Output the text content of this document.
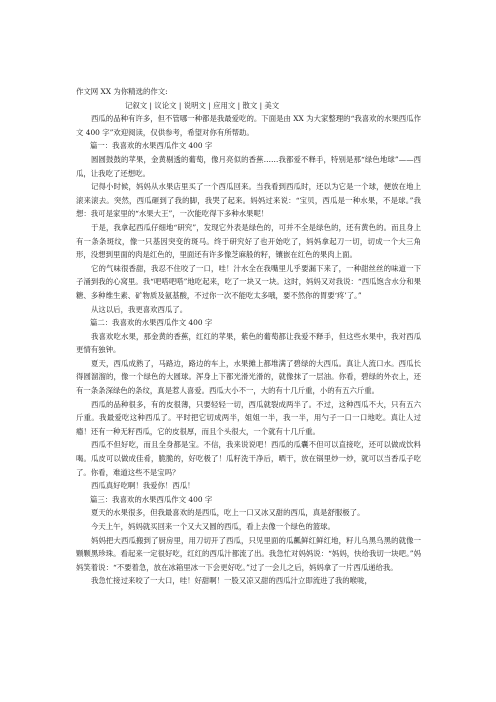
作文网 XX 为你精选的作文:

记叙文 | 议论文 | 说明文 | 应用文 | 散文 | 美文

西瓜的品种有许多，但不管哪一种都是我最爱吃的。下面是由 XX 为大家整理的“我喜欢的水果西瓜作文 400 字”欢迎阅读，仅供参考，希望对你有所帮助。

篇一：我喜欢的水果西瓜作文 400 字

圆圆鼓鼓的苹果，金黄剔透的葡萄，像月亮似的香蕉……我都爱不释手，特别是那“绿色地球”——西瓜，让我吃了还想吃。

记得小时候，妈妈从水果店里买了一个西瓜回来。当我看到西瓜时，还以为它是一个球，便放在地上滚来滚去。突然，西瓜砸到了我的脚，我哭了起来。妈妈过来说：“宝贝，西瓜是一种水果，不是球。”我想：我可是家里的“水果大王”，一次能吃得下多种水果呢！

于是，我拿起西瓜仔细地“研究”，发现它外表是绿色的，可并不全是绿色的，还有黄色的。而且身上有一条条斑纹，像一只基因突变的斑马。终于研究好了也开始吃了，妈妈拿起刀一切，切成一个大三角形，没想到里面的肉是红色的，里面还有许多像芝麻般的籽，镶嵌在红色的果肉上面。

它的气味很香甜，我忍不住咬了一口，哇！汁水全在我嘴里儿乎要漏下来了，一种甜丝丝的味道一下子涌到我的心窝里。我“吧嗒吧嗒”地吃起来，吃了一块又一块。这时，妈妈又对我说：“西瓜饱含水分和果糖、多种维生素、矿物质及氨基酸，不过你一次不能吃太多哦，要不然你的胃要‘疼’了。”

从这以后，我更喜欢西瓜了。

篇二：我喜欢的水果西瓜作文 400 字

我喜欢吃水果，那金黄的香蕉，红红的苹果，紫色的葡萄都让我爱不释手，但这些水果中，我对西瓜更情有独钟。

夏天，西瓜成熟了，马路边，路边的车上，水果摊上都堆满了碧绿的大西瓜。真让人流口水。西瓜长得圆溜溜的，像一个绿色的大圆球。浑身上下都光滑光滑的，就像抹了一层油。你看，碧绿的外衣上，还有一条条深绿色的条纹，真是惹人喜爱。西瓜大小不一，大的有十几斤重，小的有五六斤重。

西瓜的品种很多，有的皮很薄，只要轻轻一切，西瓜就裂成两半了。不过，这种西瓜不大，只有五六斤重。我最爱吃这种西瓜了。平时把它切成两半，姐姐一半，我一半，用勺子一口一口地吃。真让人过瘾！还有一种无籽西瓜，它的皮很厚，而且个头很大，一个就有十几斤重。

西瓜不但好吃，而且全身都是宝。不信，我来说说吧！西瓜的瓜囊不但可以直接吃，还可以做成饮料喝。瓜皮可以做成佳肴，脆脆的，好吃极了！瓜籽洗干净后，晒干，放在锅里炒一炒，就可以当香瓜子吃了。你看，难道这些不是宝吗？

西瓜真好吃啊！我爱你！西瓜！

篇三：我喜欢的水果西瓜作文 400 字

夏天的水果很多，但我最喜欢的是西瓜，吃上一口又冰又甜的西瓜，真是舒服极了。

今天上午，妈妈就买回来一个又大又圆的西瓜，看上去像一个绿色的篮球。

妈妈把大西瓜搬到了厨房里，用刀切开了西瓜，只见里面的瓜瓤鲜红鲜红地，籽儿乌黑乌黑的就像一颗颗黑珍珠。看起来一定很好吃，红红的西瓜汁都流了出。我急忙对妈妈说：“妈妈，快给我切一块吧。”妈妈笑着说：“不要着急，放在冰箱里冰一下会更好吃。”过了一会儿之后，妈妈拿了一片西瓜递给我。

我急忙接过来咬了一大口，哇！好甜啊！一股又凉又甜的西瓜汁立即流进了我的喉咙，
